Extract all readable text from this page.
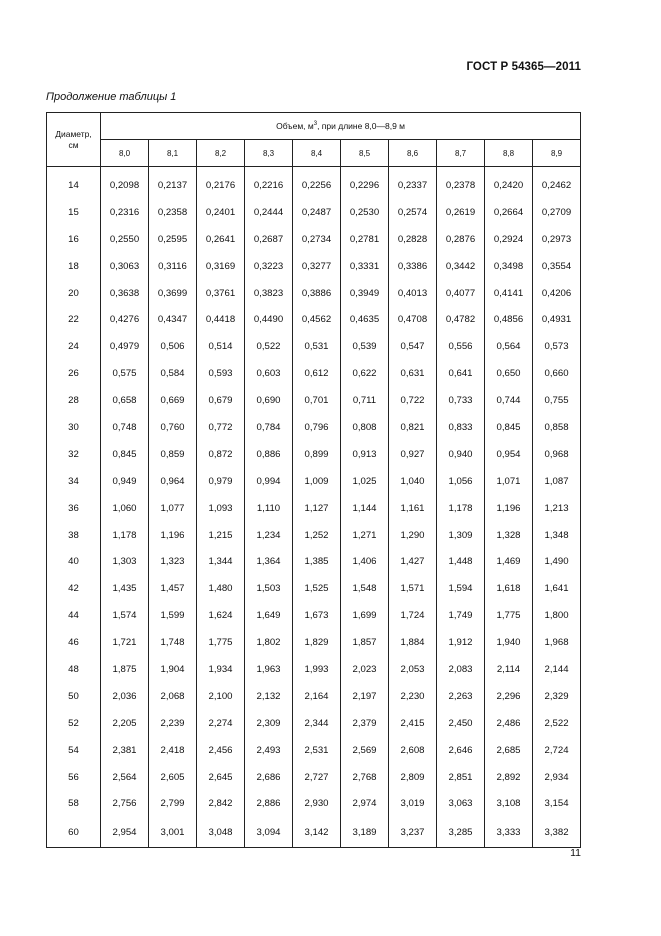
ГОСТ Р 54365—2011
Продолжение таблицы 1
Диаметр,
см	Объем, $м^3$, при длине 8,0—8,9 м									
	8,0	8,1	8,2	8,3	8,4	8,5	8,6	8,7	8,8	8,9
14	0,2098	0,2137	0,2176	0,2216	0,2256	0,2296	0,2337	0,2378	0,2420	0,2462
15	0,2316	0,2358	0,2401	0,2444	0,2487	0,2530	0,2574	0,2619	0,2664	0,2709
16	0,2550	0,2595	0,2641	0,2687	0,2734	0,2781	0,2828	0,2876	0,2924	0,2973
18	0,3063	0,3116	0,3169	0,3223	0,3277	0,3331	0,3386	0,3442	0,3498	0,3554
20	0,3638	0,3699	0,3761	0,3823	0,3886	0,3949	0,4013	0,4077	0,4141	0,4206
22	0,4276	0,4347	0,4418	0,4490	0,4562	0,4635	0,4708	0,4782	0,4856	0,4931
24	0,4979	0,506	0,514	0,522	0,531	0,539	0,547	0,556	0,564	0,573
26	0,575	0,584	0,593	0,603	0,612	0,622	0,631	0,641	0,650	0,660
28	0,658	0,669	0,679	0,690	0,701	0,711	0,722	0,733	0,744	0,755
30	0,748	0,760	0,772	0,784	0,796	0,808	0,821	0,833	0,845	0,858
32	0,845	0,859	0,872	0,886	0,899	0,913	0,927	0,940	0,954	0,968
34	0,949	0,964	0,979	0,994	1,009	1,025	1,040	1,056	1,071	1,087
36	1,060	1,077	1,093	1,110	1,127	1,144	1,161	1,178	1,196	1,213
38	1,178	1,196	1,215	1,234	1,252	1,271	1,290	1,309	1,328	1,348
40	1,303	1,323	1,344	1,364	1,385	1,406	1,427	1,448	1,469	1,490
42	1,435	1,457	1,480	1,503	1,525	1,548	1,571	1,594	1,618	1,641
44	1,574	1,599	1,624	1,649	1,673	1,699	1,724	1,749	1,775	1,800
46	1,721	1,748	1,775	1,802	1,829	1,857	1,884	1,912	1,940	1,968
48	1,875	1,904	1,934	1,963	1,993	2,023	2,053	2,083	2,114	2,144
50	2,036	2,068	2,100	2,132	2,164	2,197	2,230	2,263	2,296	2,329
52	2,205	2,239	2,274	2,309	2,344	2,379	2,415	2,450	2,486	2,522
54	2,381	2,418	2,456	2,493	2,531	2,569	2,608	2,646	2,685	2,724
56	2,564	2,605	2,645	2,686	2,727	2,768	2,809	2,851	2,892	2,934
58	2,756	2,799	2,842	2,886	2,930	2,974	3,019	3,063	3,108	3,154
60	2,954	3,001	3,048	3,094	3,142	3,189	3,237	3,285	3,333	3,382
11
